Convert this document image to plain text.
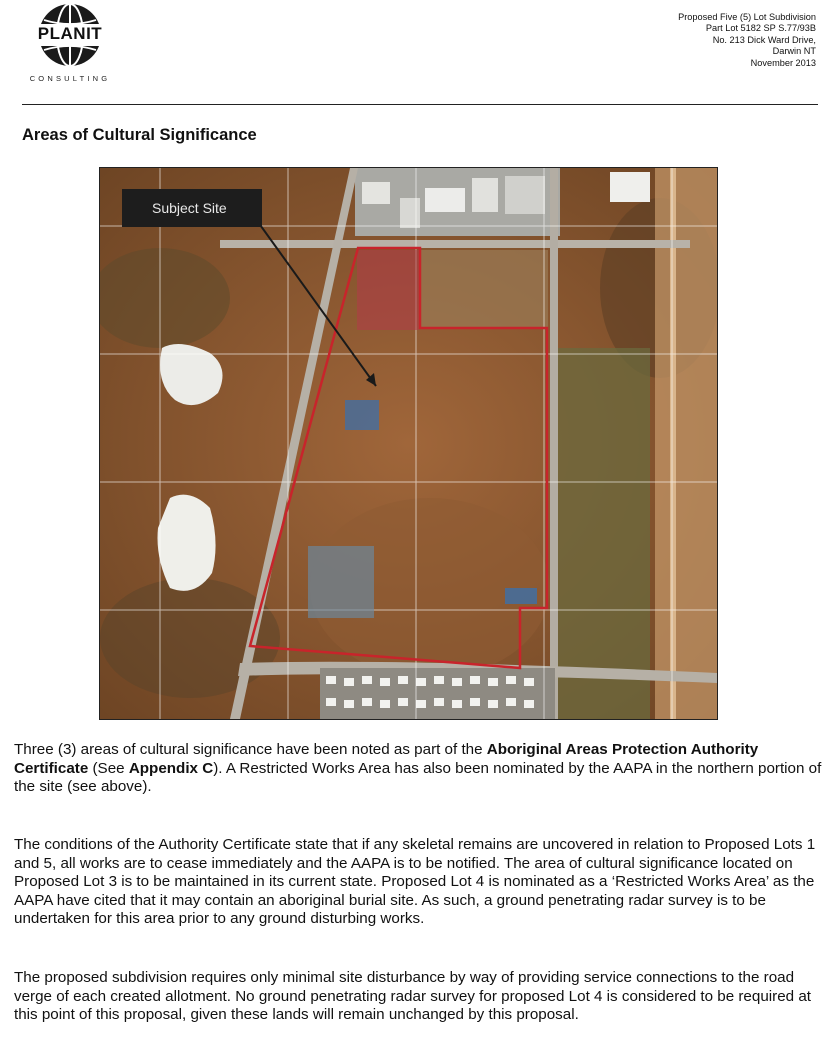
PLANIT
CONSULTING
Proposed Five (5) Lot Subdivision
Part Lot 5182 SP S.77/93B
No. 213 Dick Ward Drive,
Darwin NT
November 2013
Areas of Cultural Significance
Subject Site

Three (3) areas of cultural significance have been noted as part of the Aboriginal Areas Protection Authority Certificate (See Appendix C). A Restricted Works Area has also been nominated by the AAPA in the northern portion of the site (see above).

The conditions of the Authority Certificate state that if any skeletal remains are uncovered in relation to Proposed Lots 1 and 5, all works are to cease immediately and the AAPA is to be notified. The area of cultural significance located on Proposed Lot 3 is to be maintained in its current state. Proposed Lot 4 is nominated as a ‘Restricted Works Area’ as the AAPA have cited that it may contain an aboriginal burial site. As such, a ground penetrating radar survey is to be undertaken for this area prior to any ground disturbing works.

The proposed subdivision requires only minimal site disturbance by way of providing service connections to the road verge of each created allotment. No ground penetrating radar survey for proposed Lot 4 is considered to be required at this point of this proposal, given these lands will remain unchanged by this proposal.
